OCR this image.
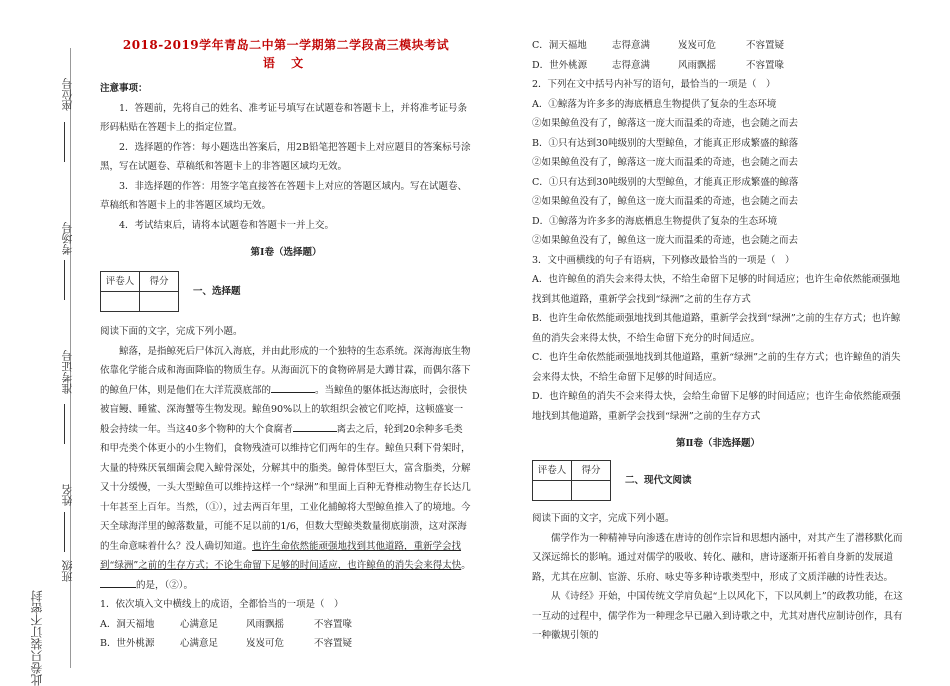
座位号
考场号
准考证号
姓名
班级
此卷只装订不密封

2018-2019学年青岛二中第一学期第二学段高三模块考试

语 文

注意事项：

1．答题前，先将自己的姓名、准考证号填写在试题卷和答题卡上，并将准考证号条形码粘贴在答题卡上的指定位置。

2．选择题的作答：每小题选出答案后，用2B铅笔把答题卡上对应题目的答案标号涂黑，写在试题卷、草稿纸和答题卡上的非答题区域均无效。

3．非选择题的作答：用签字笔直接答在答题卡上对应的答题区域内。写在试题卷、草稿纸和答题卡上的非答题区域均无效。

4．考试结束后，请将本试题卷和答题卡一并上交。

第Ⅰ卷（选择题）

评卷人	得分

一、选择题

阅读下面的文字，完成下列小题。

鲸落，是指鲸死后尸体沉入海底，并由此形成的一个独特的生态系统。深海海底生物依靠化学能合成和海面降临的物质生存。从海面沉下的食物碎屑是大蹲甘霖，而偶尔落下的鲸鱼尸体，则是他们在大洋荒漠底部的	。当鲸鱼的躯体抵达海底时，会很快被盲鳗、睡鲨、深海蟹等生物发现。鲸鱼90%以上的软组织会被它们吃掉，这顿盛宴一般会持续一年。当这40多个物种的大个食腐者	离去之后，轮到20余种多毛类和甲壳类个体更小的小生物们，食物残渣可以维持它们两年的生存。鲸鱼只剩下骨架时，大量的特殊厌氧细菌会爬入鲸骨深处，分解其中的脂类。鲸骨体型巨大，富含脂类，分解又十分缓慢，一头大型鲸鱼可以维持这样一个“绿洲”和里面上百种无脊椎动物生存长达几十年甚至上百年。当然，（①），过去两百年里，工业化捕鲸将大型鲸鱼推入了的境地。今天全球海洋里的鲸落数量，可能不足以前的1/6，但数大型鲸类数量彻底崩溃，这对深海的生命意味着什么？没人确切知道。也许生命依然能顽强地找到其他道路，重新学会找到“绿洲”之前的生存方式；不论生命留下足够的时间适应，也许鲸鱼的消失会来得太快。的是，（②）。

1．依次填入文中横线上的成语，全都恰当的一项是（　）

A．洞天福地	心满意足	风雨飘摇	不容置喙
B．世外桃源	心满意足	岌岌可危	不容置疑
C．洞天福地	志得意满	岌岌可危	不容置疑
D．世外桃源	志得意满	风雨飘摇	不容置喙

2．下列在文中括号内补写的语句，最恰当的一项是（　）

A．①鲸落为许多多的海底栖息生物提供了复杂的生态环境

②如果鲸鱼没有了，鲸落这一庞大而温柔的奇迹，也会随之而去

B．①只有达到30吨级别的大型鲸鱼，才能真正形成繁盛的鲸落

②如果鲸鱼没有了，鲸落这一庞大而温柔的奇迹，也会随之而去

C．①只有达到30吨级别的大型鲸鱼，才能真正形成繁盛的鲸落

②如果鲸鱼没有了，鲸鱼这一庞大而温柔的奇迹，也会随之而去

D．①鲸落为许多多的海底栖息生物提供了复杂的生态环境

②如果鲸鱼没有了，鲸鱼这一庞大而温柔的奇迹，也会随之而去

3．文中画横线的句子有语病，下列修改最恰当的一项是（　）

A．也许鲸鱼的消失会来得太快，不给生命留下足够的时间适应；也许生命依然能顽强地找到其他道路，重新学会找到“绿洲”之前的生存方式

B．也许生命依然能顽强地找到其他道路，重新学会找到“绿洲”之前的生存方式；也许鲸鱼的消失会来得太快，不给生命留下充分的时间适应。

C．也许生命依然能顽强地找到其他道路，重新“绿洲”之前的生存方式；也许鲸鱼的消失会来得太快，不给生命留下足够的时间适应。

D．也许鲸鱼的消失不会来得太快，会给生命留下足够的时间适应；也许生命依然能顽强地找到其他道路，重新学会找到“绿洲”之前的生存方式

第Ⅱ卷（非选择题）

评卷人	得分

二、现代文阅读

阅读下面的文字，完成下列小题。

儒学作为一种精神导向渗透在唐诗的创作宗旨和思想内涵中，对其产生了潜移默化而又深远绵长的影响。通过对儒学的吸收、转化、融和，唐诗逐渐开拓着自身新的发展道路，尤其在应制、宦游、乐府、咏史等多种诗歌类型中，形成了文质洋融的诗性表达。

从《诗经》开始，中国传统文学肩负起“上以风化下，下以风刺上”的政教功能，在这一互动的过程中，儒学作为一种理念早已融入到诗歌之中，尤其对唐代应制诗创作，具有一种徽规引领的
